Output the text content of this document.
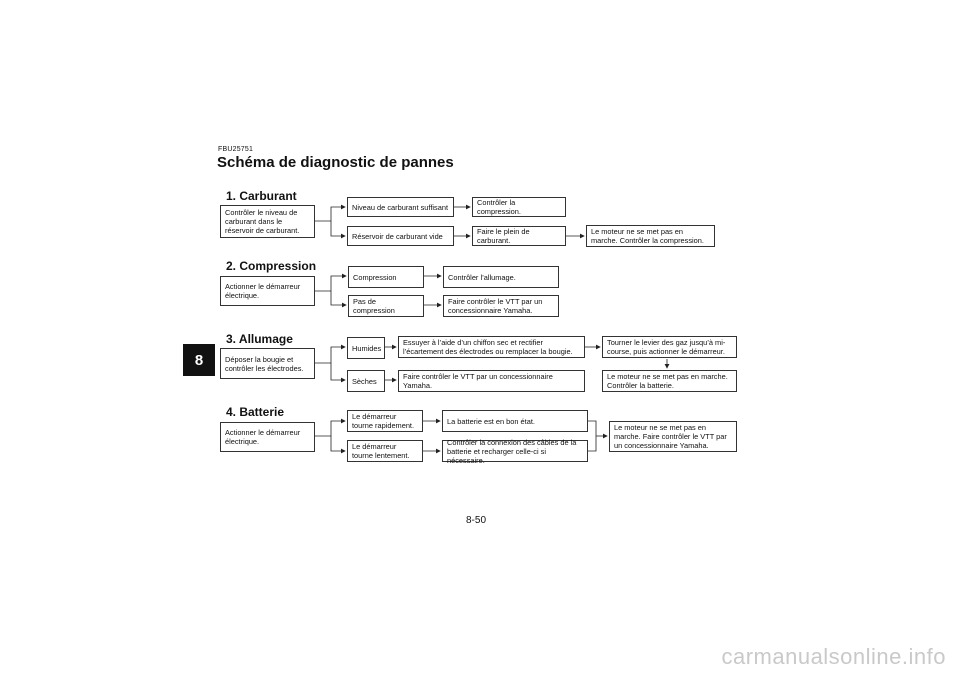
FBU25751
Schéma de diagnostic de pannes
8
1. Carburant
Contrôler le niveau de carburant dans le réservoir de carburant.
Niveau de carburant suffisant	Contrôler la compression.
Réservoir de carburant vide	Faire le plein de carburant.
Le moteur ne se met pas en marche. Contrôler la compression.
2. Compression
Actionner le démarreur électrique.
Compression	Contrôler l’allumage.
Pas de compression
Faire contrôler le VTT par un concessionnaire Yamaha.
3. Allumage
Déposer la bougie et contrôler les électrodes.
Humides
Essuyer à l’aide d’un chiffon sec et rectifier l’écartement des électrodes ou remplacer la bougie.
Tourner le levier des gaz jusqu’à mi-course, puis actionner le démarreur.
Le moteur ne se met pas en marche. Contrôler la batterie.
Sèches	Faire contrôler le VTT par un concessionnaire Yamaha.
4. Batterie
Actionner le démarreur électrique.
Le démarreur tourne rapidement.	La batterie est en bon état.
Le démarreur tourne lentement.
Contrôler la connexion des câbles de la batterie et recharger celle-ci si nécessaire.
Le moteur ne se met pas en marche. Faire contrôler le VTT par un concessionnaire Yamaha.
8-50
carmanualsonline.info
